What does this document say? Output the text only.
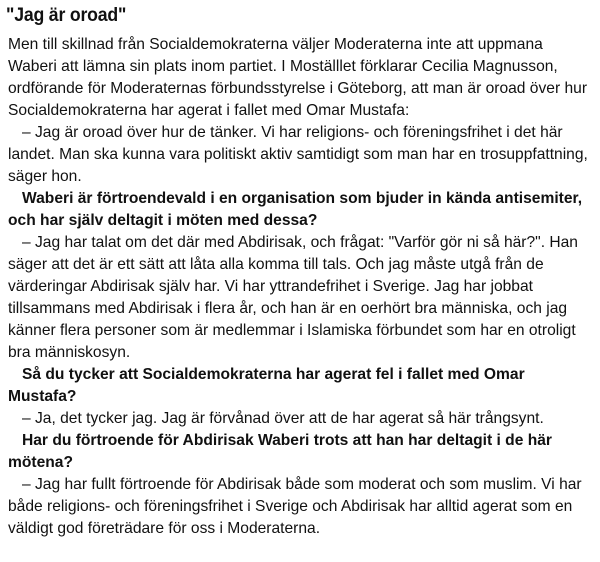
"Jag är oroad"

Men till skillnad från Socialdemokraterna väljer Moderaterna inte att uppmana Waberi att lämna sin plats inom partiet. I Moställlet förklarar Cecilia Magnusson, ordförande för Moderaternas förbundsstyrelse i Göteborg, att man är oroad över hur Socialdemokraterna har agerat i fallet med Omar Mustafa:

– Jag är oroad över hur de tänker. Vi har religions- och föreningsfrihet i det här landet. Man ska kunna vara politiskt aktiv samtidigt som man har en trosuppfattning, säger hon.

Waberi är förtroendevald i en organisation som bjuder in kända antisemiter, och har själv deltagit i möten med dessa?

– Jag har talat om det där med Abdirisak, och frågat: "Varför gör ni så här?". Han säger att det är ett sätt att låta alla komma till tals. Och jag måste utgå från de värderingar Abdirisak själv har. Vi har yttrandefrihet i Sverige. Jag har jobbat tillsammans med Abdirisak i flera år, och han är en oerhört bra människa, och jag känner flera personer som är medlemmar i Islamiska förbundet som har en otroligt bra människosyn.

Så du tycker att Socialdemokraterna har agerat fel i fallet med Omar Mustafa?

– Ja, det tycker jag. Jag är förvånad över att de har agerat så här trångsynt.

Har du förtroende för Abdirisak Waberi trots att han har deltagit i de här mötena?

– Jag har fullt förtroende för Abdirisak både som moderat och som muslim. Vi har både religions- och föreningsfrihet i Sverige och Abdirisak har alltid agerat som en väldigt god företrädare för oss i Moderaterna.
